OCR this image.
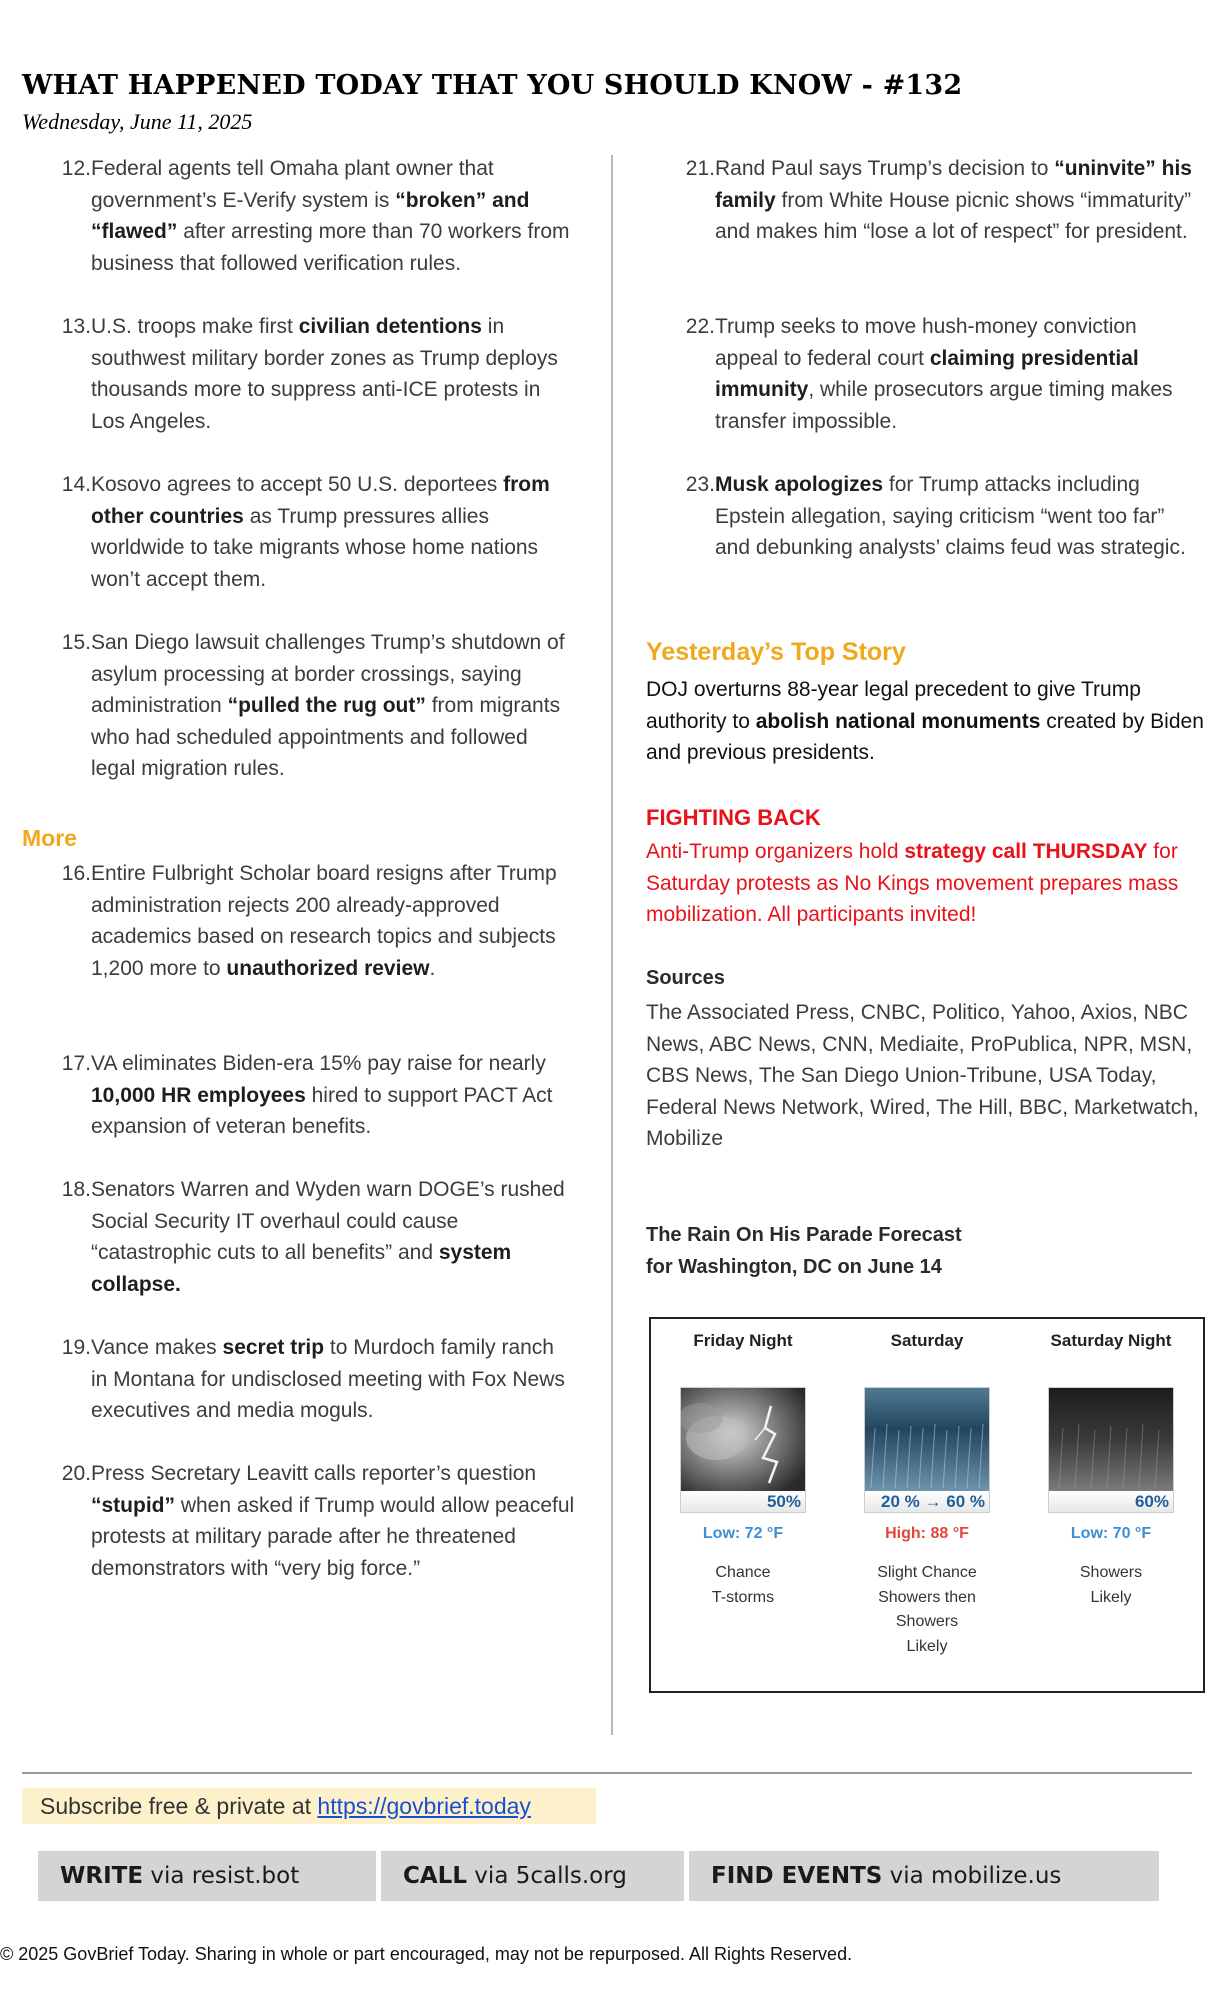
WHAT HAPPENED TODAY THAT YOU SHOULD KNOW - #132
Wednesday, June 11, 2025
12. Federal agents tell Omaha plant owner that government’s E-Verify system is “broken” and “flawed” after arresting more than 70 workers from business that followed verification rules.
13. U.S. troops make first civilian detentions in southwest military border zones as Trump deploys thousands more to suppress anti-ICE protests in Los Angeles.
14. Kosovo agrees to accept 50 U.S. deportees from other countries as Trump pressures allies worldwide to take migrants whose home nations won’t accept them.
15. San Diego lawsuit challenges Trump’s shutdown of asylum processing at border crossings, saying administration “pulled the rug out” from migrants who had scheduled appointments and followed legal migration rules.
More
16. Entire Fulbright Scholar board resigns after Trump administration rejects 200 already-approved academics based on research topics and subjects 1,200 more to unauthorized review.
17. VA eliminates Biden-era 15% pay raise for nearly 10,000 HR employees hired to support PACT Act expansion of veteran benefits.
18. Senators Warren and Wyden warn DOGE’s rushed Social Security IT overhaul could cause “catastrophic cuts to all benefits” and system collapse.
19. Vance makes secret trip to Murdoch family ranch in Montana for undisclosed meeting with Fox News executives and media moguls.
20. Press Secretary Leavitt calls reporter’s question “stupid” when asked if Trump would allow peaceful protests at military parade after he threatened demonstrators with “very big force.”
21. Rand Paul says Trump’s decision to “uninvite” his family from White House picnic shows “immaturity” and makes him “lose a lot of respect” for president.
22. Trump seeks to move hush-money conviction appeal to federal court claiming presidential immunity, while prosecutors argue timing makes transfer impossible.
23. Musk apologizes for Trump attacks including Epstein allegation, saying criticism “went too far” and debunking analysts’ claims feud was strategic.
Yesterday’s Top Story
DOJ overturns 88-year legal precedent to give Trump authority to abolish national monuments created by Biden and previous presidents.
FIGHTING BACK
Anti-Trump organizers hold strategy call THURSDAY for Saturday protests as No Kings movement prepares mass mobilization. All participants invited!
Sources
The Associated Press, CNBC, Politico, Yahoo, Axios, NBC News, ABC News, CNN, Mediaite, ProPublica, NPR, MSN, CBS News, The San Diego Union-Tribune, USA Today, Federal News Network, Wired, The Hill, BBC, Marketwatch, Mobilize
The Rain On His Parade Forecast
for Washington, DC on June 14
Friday Night
50%
Low: 72 °F
Chance
T-storms
Saturday
20 % → 60 %
High: 88 °F
Slight Chance
Showers then
Showers
Likely
Saturday Night
60%
Low: 70 °F
Showers
Likely
Subscribe free & private at https://govbrief.today
WRITE via resist.bot	CALL via 5calls.org	FIND EVENTS via mobilize.us
© 2025 GovBrief Today. Sharing in whole or part encouraged, may not be repurposed. All Rights Reserved.
